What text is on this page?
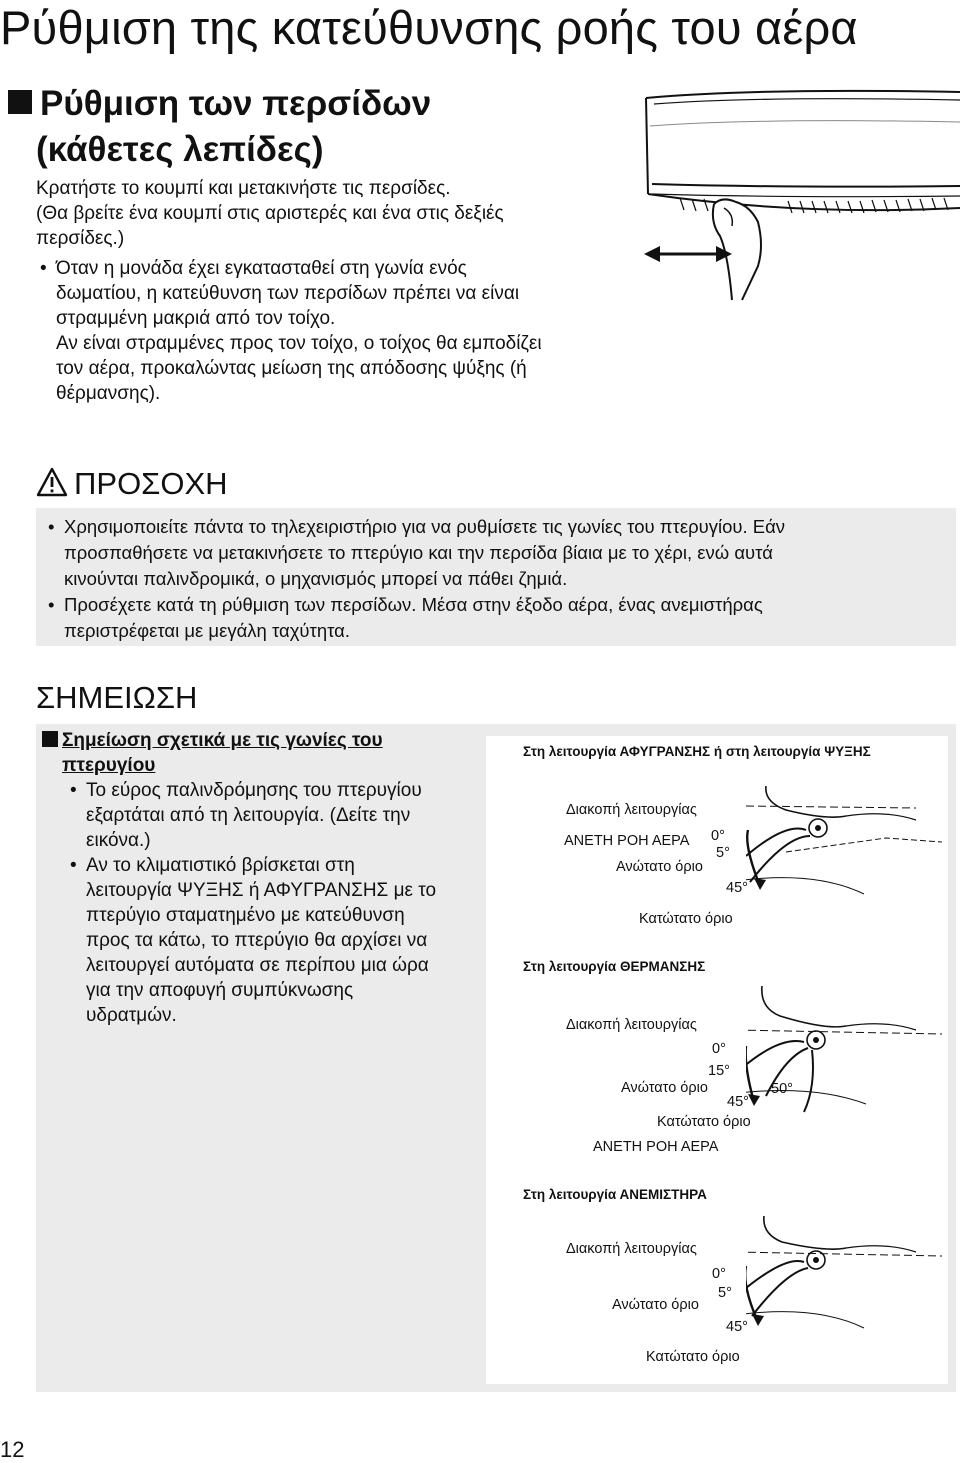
Ρύθμιση της κατεύθυνσης ροής του αέρα
Ρύθμιση των περσίδων
(κάθετες λεπίδες)
Κρατήστε το κουμπί και μετακινήστε τις περσίδες.
(Θα βρείτε ένα κουμπί στις αριστερές και ένα στις δεξιές
περσίδες.)
• Όταν η μονάδα έχει εγκατασταθεί στη γωνία ενός
δωματίου, η κατεύθυνση των περσίδων πρέπει να είναι
στραμμένη μακριά από τον τοίχο.
Αν είναι στραμμένες προς τον τοίχο, ο τοίχος θα εμποδίζει
τον αέρα, προκαλώντας μείωση της απόδοσης ψύξης (ή
θέρμανσης).
ΠΡΟΣΟΧΗ
• Χρησιμοποιείτε πάντα το τηλεχειριστήριο για να ρυθμίσετε τις γωνίες του πτερυγίου. Εάν
προσπαθήσετε να μετακινήσετε το πτερύγιο και την περσίδα βίαια με το χέρι, ενώ αυτά
κινούνται παλινδρομικά, ο μηχανισμός μπορεί να πάθει ζημιά.
• Προσέχετε κατά τη ρύθμιση των περσίδων. Μέσα στην έξοδο αέρα, ένας ανεμιστήρας
περιστρέφεται με μεγάλη ταχύτητα.
ΣΗΜΕΙΩΣΗ
Σημείωση σχετικά με τις γωνίες του
πτερυγίου
• Το εύρος παλινδρόμησης του πτερυγίου
εξαρτάται από τη λειτουργία. (Δείτε την
εικόνα.)
• Αν το κλιματιστικό βρίσκεται στη
λειτουργία ΨΥΞΗΣ ή ΑΦΥΓΡΑΝΣΗΣ με το
πτερύγιο σταματημένο με κατεύθυνση
προς τα κάτω, το πτερύγιο θα αρχίσει να
λειτουργεί αυτόματα σε περίπου μια ώρα
για την αποφυγή συμπύκνωσης
υδρατμών.
Στη λειτουργία ΑΦΥΓΡΑΝΣΗΣ ή στη λειτουργία ΨΥΞΗΣ
Διακοπή λειτουργίας
ΑΝΕΤΗ ΡΟΗ ΑΕΡΑ 0°
5°
Ανώτατο όριο
45°
Κατώτατο όριο
Στη λειτουργία ΘΕΡΜΑΝΣΗΣ
Διακοπή λειτουργίας
0°
15°
Ανώτατο όριο	50°
45°
Κατώτατο όριο
ΑΝΕΤΗ ΡΟΗ ΑΕΡΑ
Στη λειτουργία ΑΝΕΜΙΣΤΗΡΑ
Διακοπή λειτουργίας
0°
5°
Ανώτατο όριο
45°
Κατώτατο όριο
12
